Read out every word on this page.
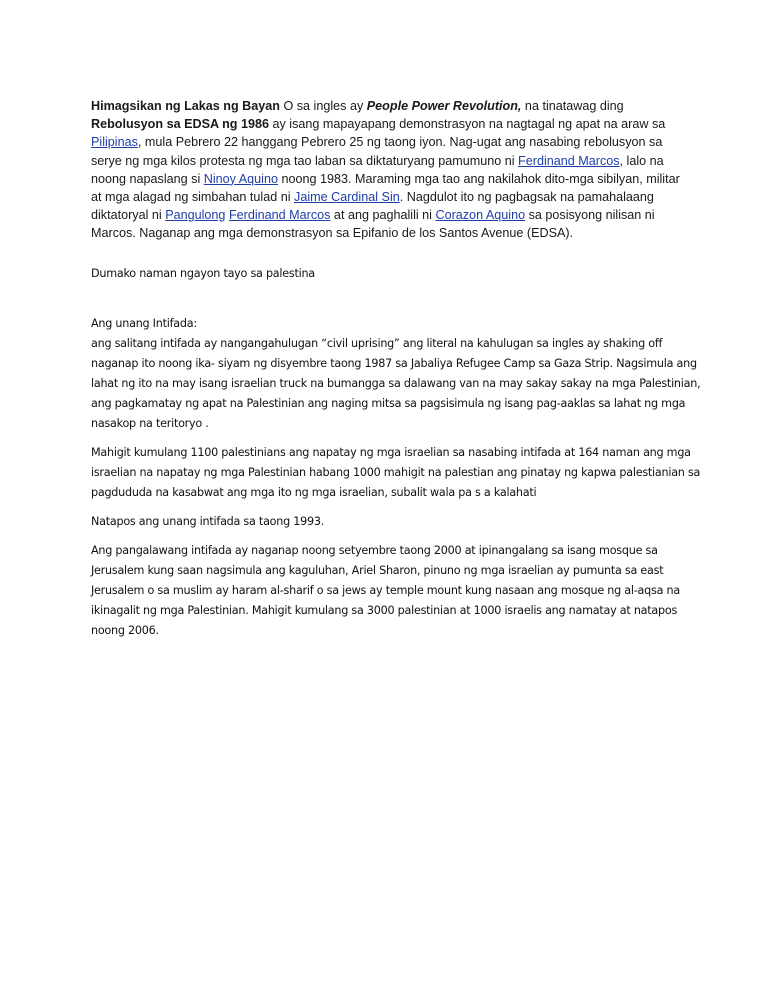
Himagsikan ng Lakas ng Bayan O sa ingles ay People Power Revolution, na tinatawag ding Rebolusyon sa EDSA ng 1986 ay isang mapayapang demonstrasyon na nagtagal ng apat na araw sa Pilipinas, mula Pebrero 22 hanggang Pebrero 25 ng taong iyon. Nag-ugat ang nasabing rebolusyon sa serye ng mga kilos protesta ng mga tao laban sa diktaturyang pamumuno ni Ferdinand Marcos, lalo na noong napaslang si Ninoy Aquino noong 1983. Maraming mga tao ang nakilahok dito-mga sibilyan, militar at mga alagad ng simbahan tulad ni Jaime Cardinal Sin. Nagdulot ito ng pagbagsak na pamahalaang diktatoryal ni Pangulong Ferdinand Marcos at ang paghalili ni Corazon Aquino sa posisyong nilisan ni Marcos. Naganap ang mga demonstrasyon sa Epifanio de los Santos Avenue (EDSA).

Dumako naman ngayon tayo sa palestina

Ang unang Intifada:

ang salitang intifada ay nangangahulugan “civil uprising” ang literal na kahulugan sa ingles ay shaking off naganap ito noong ika- siyam ng disyembre taong 1987 sa Jabaliya Refugee Camp sa Gaza Strip. Nagsimula ang lahat ng ito na may isang israelian truck na bumangga sa dalawang van na may sakay sakay na mga Palestinian, ang pagkamatay ng apat na Palestinian ang naging mitsa sa pagsisimula ng isang pag-aaklas sa lahat ng mga nasakop na teritoryo .

Mahigit kumulang 1100 palestinians ang napatay ng mga israelian sa nasabing intifada at 164 naman ang mga israelian na napatay ng mga Palestinian habang 1000 mahigit na palestian ang pinatay ng kapwa palestianian sa pagdududa na kasabwat ang mga ito ng mga israelian, subalit wala pa s a kalahati

Natapos ang unang intifada sa taong 1993.

Ang pangalawang intifada ay naganap noong setyembre taong 2000 at ipinangalang sa isang mosque sa Jerusalem kung saan nagsimula ang kaguluhan, Ariel Sharon, pinuno ng mga israelian ay pumunta sa east Jerusalem o sa muslim ay haram al-sharif o sa jews ay temple mount kung nasaan ang mosque ng al-aqsa na ikinagalit ng mga Palestinian. Mahigit kumulang sa 3000 palestinian at 1000 israelis ang namatay at natapos noong 2006.
